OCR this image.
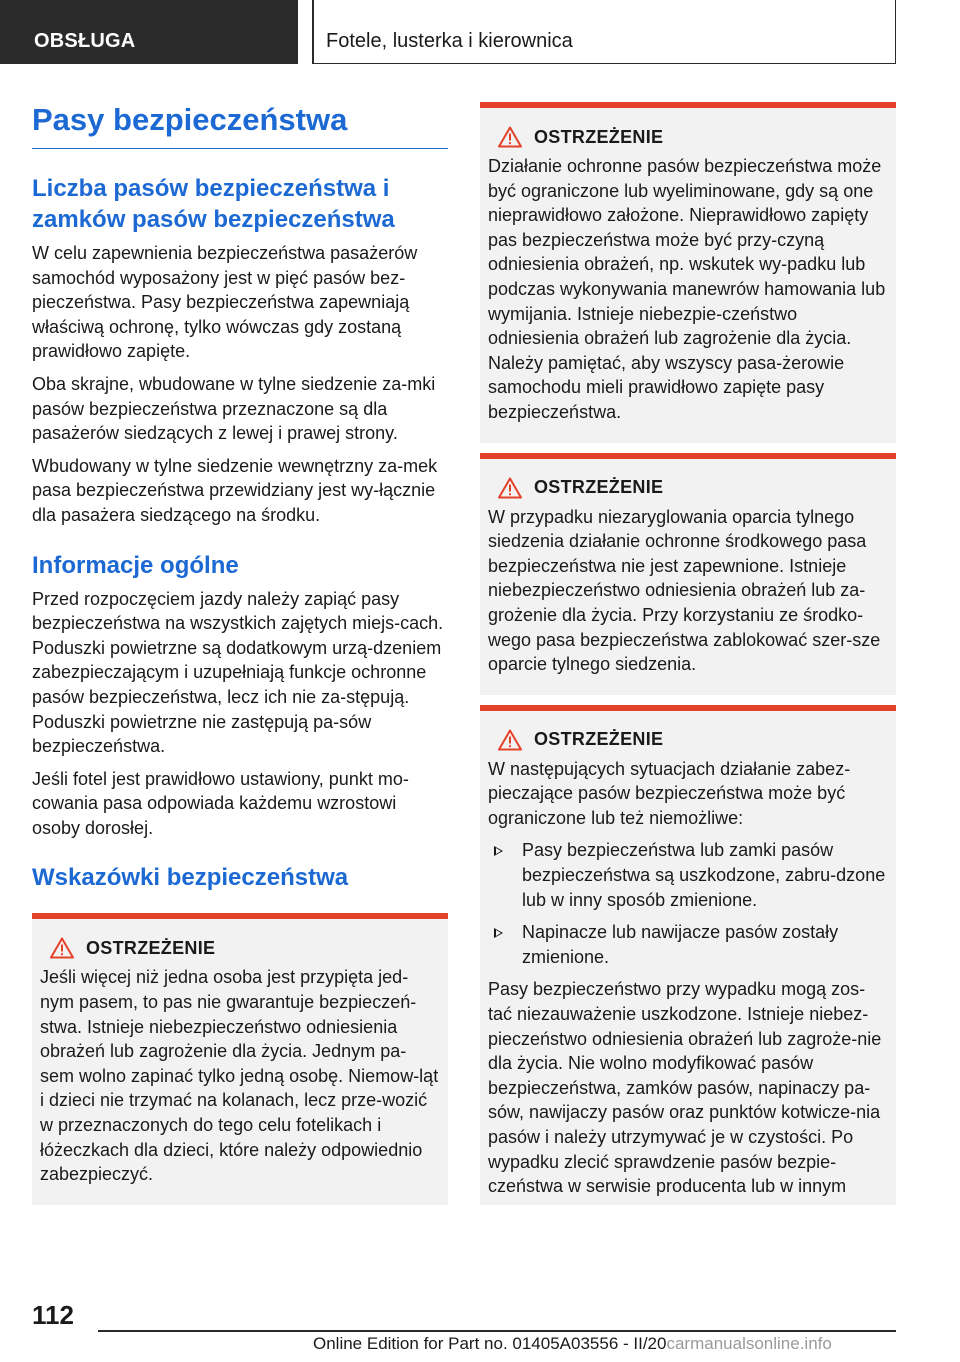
OBSŁUGA	Fotele, lusterka i kierownica
Pasy bezpieczeństwa
Liczba pasów bezpieczeństwa i zamków pasów bezpieczeństwa

W celu zapewnienia bezpieczeństwa pasażerów samochód wyposażony jest w pięć pasów bez-pieczeństwa. Pasy bezpieczeństwa zapewniają właściwą ochronę, tylko wówczas gdy zostaną prawidłowo zapięte.

Oba skrajne, wbudowane w tylne siedzenie za-mki pasów bezpieczeństwa przeznaczone są dla pasażerów siedzących z lewej i prawej strony.

Wbudowany w tylne siedzenie wewnętrzny za-mek pasa bezpieczeństwa przewidziany jest wy-łącznie dla pasażera siedzącego na środku.

Informacje ogólne

Przed rozpoczęciem jazdy należy zapiąć pasy bezpieczeństwa na wszystkich zajętych miejs-cach. Poduszki powietrzne są dodatkowym urzą-dzeniem zabezpieczającym i uzupełniają funkcje ochronne pasów bezpieczeństwa, lecz ich nie za-stępują. Poduszki powietrzne nie zastępują pa-sów bezpieczeństwa.

Jeśli fotel jest prawidłowo ustawiony, punkt mo-cowania pasa odpowiada każdemu wzrostowi osoby dorosłej.

Wskazówki bezpieczeństwa
OSTRZEŻENIE

Jeśli więcej niż jedna osoba jest przypięta jed-nym pasem, to pas nie gwarantuje bezpieczeń-stwa. Istnieje niebezpieczeństwo odniesienia obrażeń lub zagrożenie dla życia. Jednym pa-sem wolno zapinać tylko jedną osobę. Niemow-ląt i dzieci nie trzymać na kolanach, lecz prze-wozić w przeznaczonych do tego celu fotelikach i łóżeczkach dla dzieci, które należy odpowiednio zabezpieczyć.

OSTRZEŻENIE

Działanie ochronne pasów bezpieczeństwa może być ograniczone lub wyeliminowane, gdy są one nieprawidłowo założone. Nieprawidłowo zapięty pas bezpieczeństwa może być przy-czyną odniesienia obrażeń, np. wskutek wy-padku lub podczas wykonywania manewrów hamowania lub wymijania. Istnieje niebezpie-czeństwo odniesienia obrażeń lub zagrożenie dla życia. Należy pamiętać, aby wszyscy pasa-żerowie samochodu mieli prawidłowo zapięte pasy bezpieczeństwa.

OSTRZEŻENIE

W przypadku niezaryglowania oparcia tylnego siedzenia działanie ochronne środkowego pasa bezpieczeństwa nie jest zapewnione. Istnieje niebezpieczeństwo odniesienia obrażeń lub za-grożenie dla życia. Przy korzystaniu ze środko-wego pasa bezpieczeństwa zablokować szer-sze oparcie tylnego siedzenia.

OSTRZEŻENIE

W następujących sytuacjach działanie zabez-pieczające pasów bezpieczeństwa może być ograniczone lub też niemożliwe:

Pasy bezpieczeństwa lub zamki pasów bezpieczeństwa są uszkodzone, zabru-dzone lub w inny sposób zmienione.
Napinacze lub nawijacze pasów zostały zmienione.

Pasy bezpieczeństwo przy wypadku mogą zos-tać niezauważenie uszkodzone. Istnieje niebez-pieczeństwo odniesienia obrażeń lub zagroże-nie dla życia. Nie wolno modyfikować pasów bezpieczeństwa, zamków pasów, napinaczy pa-sów, nawijaczy pasów oraz punktów kotwicze-nia pasów i należy utrzymywać je w czystości. Po wypadku zlecić sprawdzenie pasów bezpie-czeństwa w serwisie producenta lub w innym

112
Online Edition for Part no. 01405A03556 - II/20carmanualsonline.info
